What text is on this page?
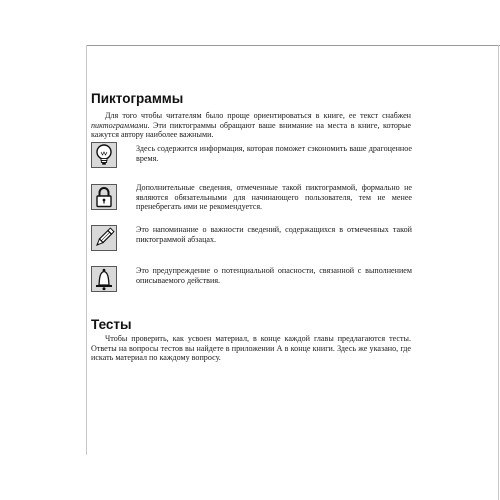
Пиктограммы

Для того чтобы читателям было проще ориентироваться в книге, ее текст снабжен пиктограммами. Эти пиктограммы обращают ваше внимание на места в книге, которые кажутся автору наиболее важными.

Здесь содержится информация, которая поможет сэкономить ваше драгоценное время.

Дополнительные сведения, отмеченные такой пиктограммой, формально не являются обязательными для начинающего пользователя, тем не менее пренебрегать ими не рекомендуется.

Это напоминание о важности сведений, содержащихся в отмеченных такой пиктограммой абзацах.

Это предупреждение о потенциальной опасности, связанной с выполнением описываемого действия.

Тесты

Чтобы проверить, как усвоен материал, в конце каждой главы предлагаются тесты. Ответы на вопросы тестов вы найдете в приложении А в конце книги. Здесь же указано, где искать материал по каждому вопросу.
